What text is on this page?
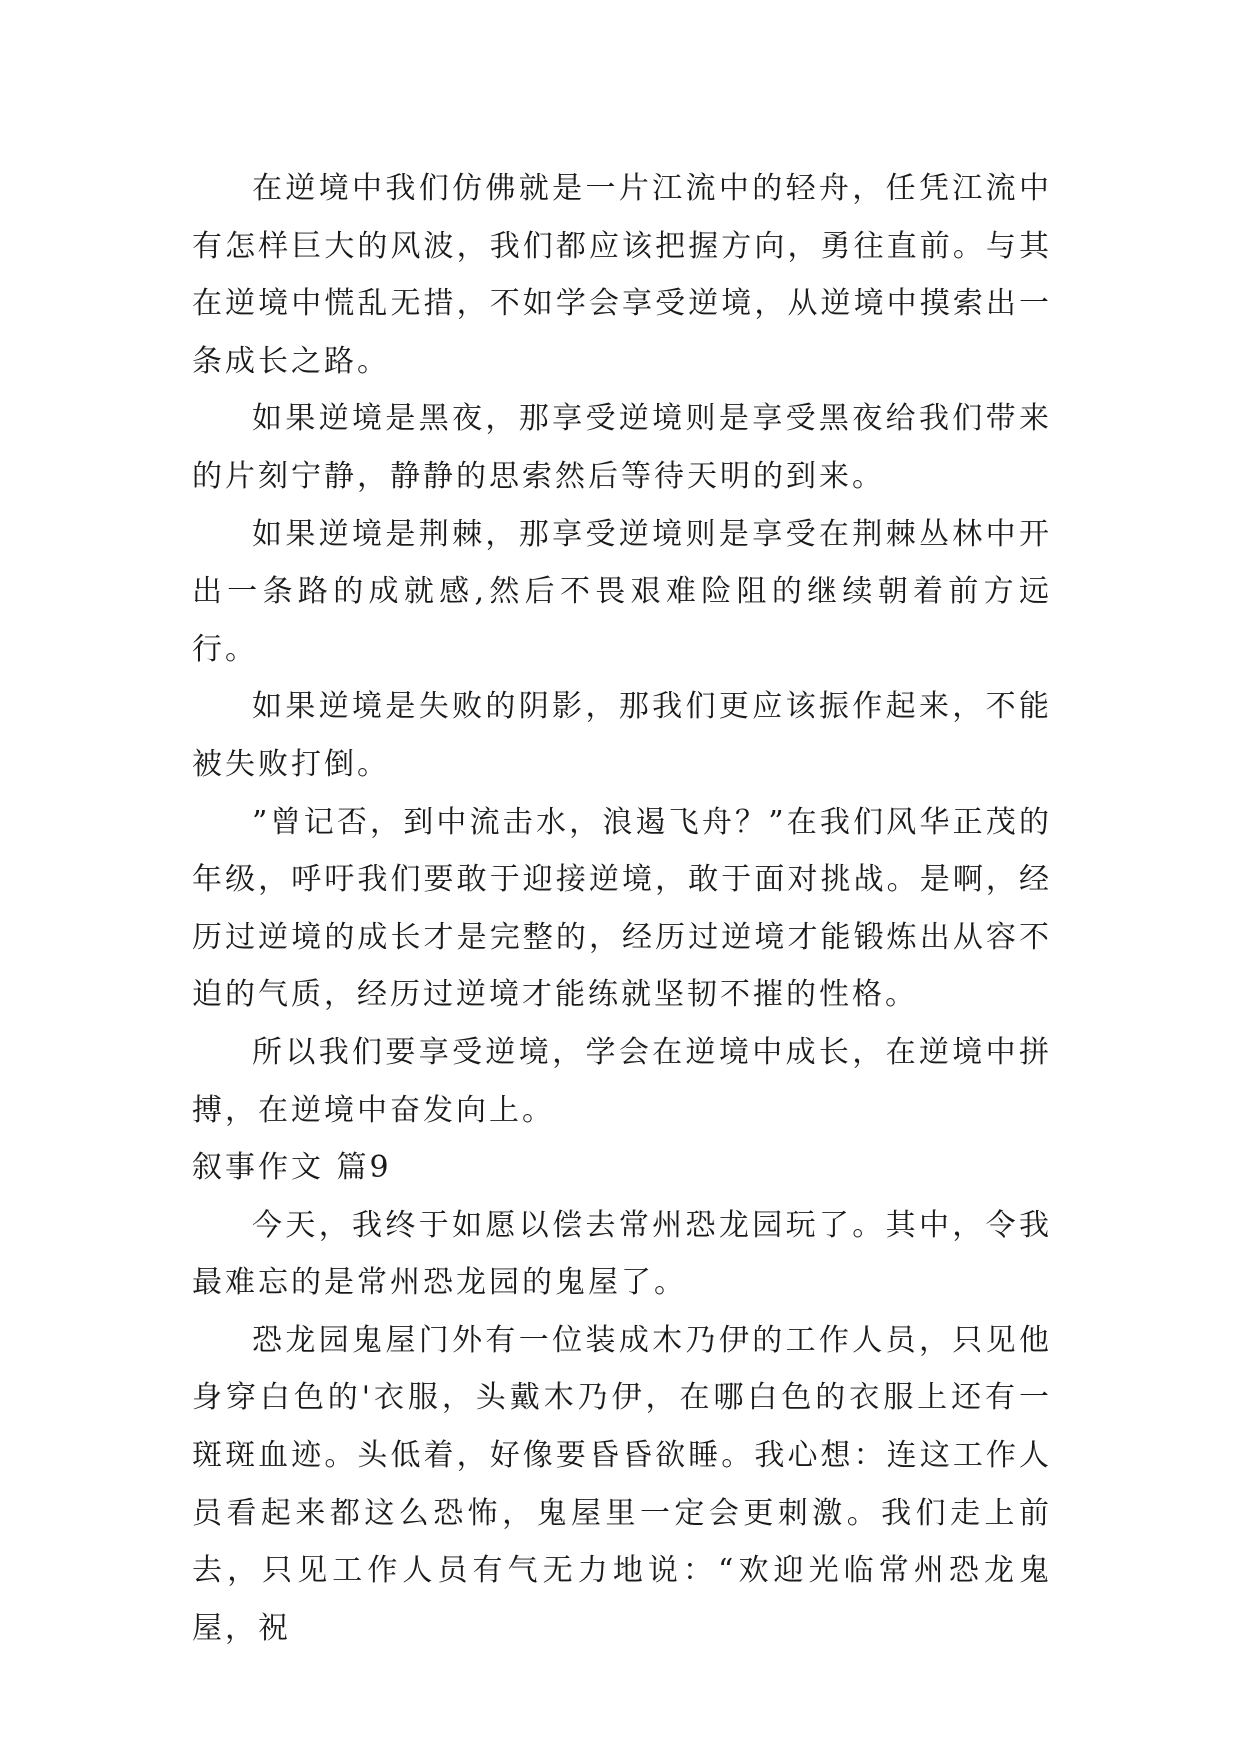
在逆境中我们仿佛就是一片江流中的轻舟，任凭江流中有怎样巨大的风波，我们都应该把握方向，勇往直前。与其在逆境中慌乱无措，不如学会享受逆境，从逆境中摸索出一条成长之路。

如果逆境是黑夜，那享受逆境则是享受黑夜给我们带来的片刻宁静，静静的思索然后等待天明的到来。

如果逆境是荆棘，那享受逆境则是享受在荆棘丛林中开出一条路的成就感,然后不畏艰难险阻的继续朝着前方远行。

如果逆境是失败的阴影，那我们更应该振作起来，不能被失败打倒。

”曾记否，到中流击水，浪遏飞舟？”在我们风华正茂的年级，呼吁我们要敢于迎接逆境，敢于面对挑战。是啊，经历过逆境的成长才是完整的，经历过逆境才能锻炼出从容不迫的气质，经历过逆境才能练就坚韧不摧的性格。

所以我们要享受逆境，学会在逆境中成长，在逆境中拼搏，在逆境中奋发向上。

叙事作文 篇9

今天，我终于如愿以偿去常州恐龙园玩了。其中，令我最难忘的是常州恐龙园的鬼屋了。

恐龙园鬼屋门外有一位装成木乃伊的工作人员，只见他身穿白色的'衣服，头戴木乃伊，在哪白色的衣服上还有一斑斑血迹。头低着，好像要昏昏欲睡。我心想：连这工作人员看起来都这么恐怖，鬼屋里一定会更刺激。我们走上前去，只见工作人员有气无力地说：“欢迎光临常州恐龙鬼屋，祝
